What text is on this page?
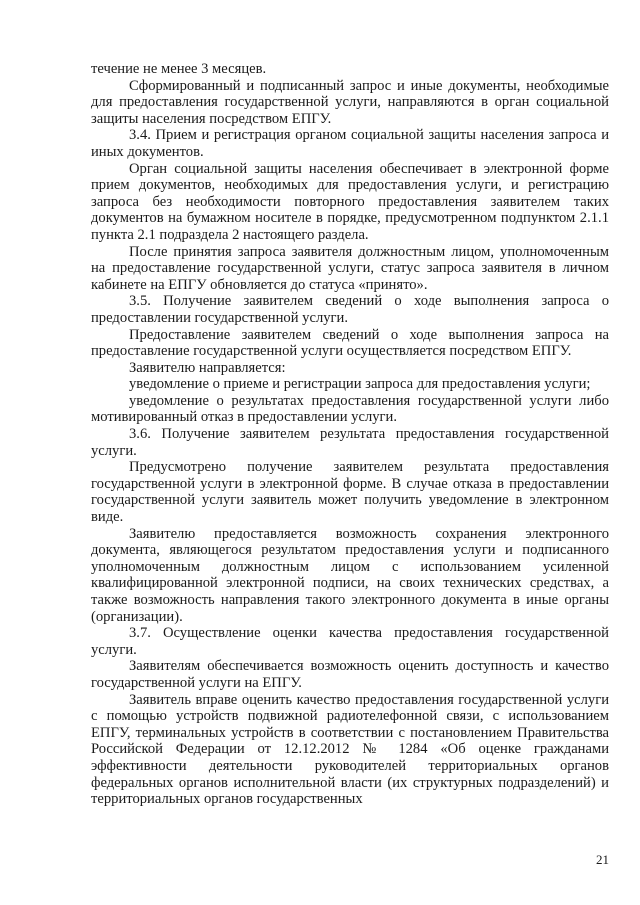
течение не менее 3 месяцев.

Сформированный и подписанный запрос и иные документы, необходимые для предоставления государственной услуги, направляются в орган социальной защиты населения посредством ЕПГУ.

3.4. Прием и регистрация органом социальной защиты населения запроса и иных документов.

Орган социальной защиты населения обеспечивает в электронной форме прием документов, необходимых для предоставления услуги, и регистрацию запроса без необходимости повторного предоставления заявителем таких документов на бумажном носителе в порядке, предусмотренном подпунктом 2.1.1 пункта 2.1 подраздела 2 настоящего раздела.

После принятия запроса заявителя должностным лицом, уполномоченным на предоставление государственной услуги, статус запроса заявителя в личном кабинете на ЕПГУ обновляется до статуса «принято».

3.5. Получение заявителем сведений о ходе выполнения запроса о предоставлении государственной услуги.

Предоставление заявителем сведений о ходе выполнения запроса на предоставление государственной услуги осуществляется посредством ЕПГУ.

Заявителю направляется:

уведомление о приеме и регистрации запроса для предоставления услуги;

уведомление о результатах предоставления государственной услуги либо мотивированный отказ в предоставлении услуги.

3.6. Получение заявителем результата предоставления государственной услуги.

Предусмотрено получение заявителем результата предоставления государственной услуги в электронной форме. В случае отказа в предоставлении государственной услуги заявитель может получить уведомление в электронном виде.

Заявителю предоставляется возможность сохранения электронного документа, являющегося результатом предоставления услуги и подписанного уполномоченным должностным лицом с использованием усиленной квалифицированной электронной подписи, на своих технических средствах, а также возможность направления такого электронного документа в иные органы (организации).

3.7. Осуществление оценки качества предоставления государственной услуги.

Заявителям обеспечивается возможность оценить доступность и качество государственной услуги на ЕПГУ.

Заявитель вправе оценить качество предоставления государственной услуги с помощью устройств подвижной радиотелефонной связи, с использованием ЕПГУ, терминальных устройств в соответствии с постановлением Правительства Российской Федерации от 12.12.2012 № 1284 «Об оценке гражданами эффективности деятельности руководителей территориальных органов федеральных органов исполнительной власти (их структурных подразделений) и территориальных органов государственных

21
